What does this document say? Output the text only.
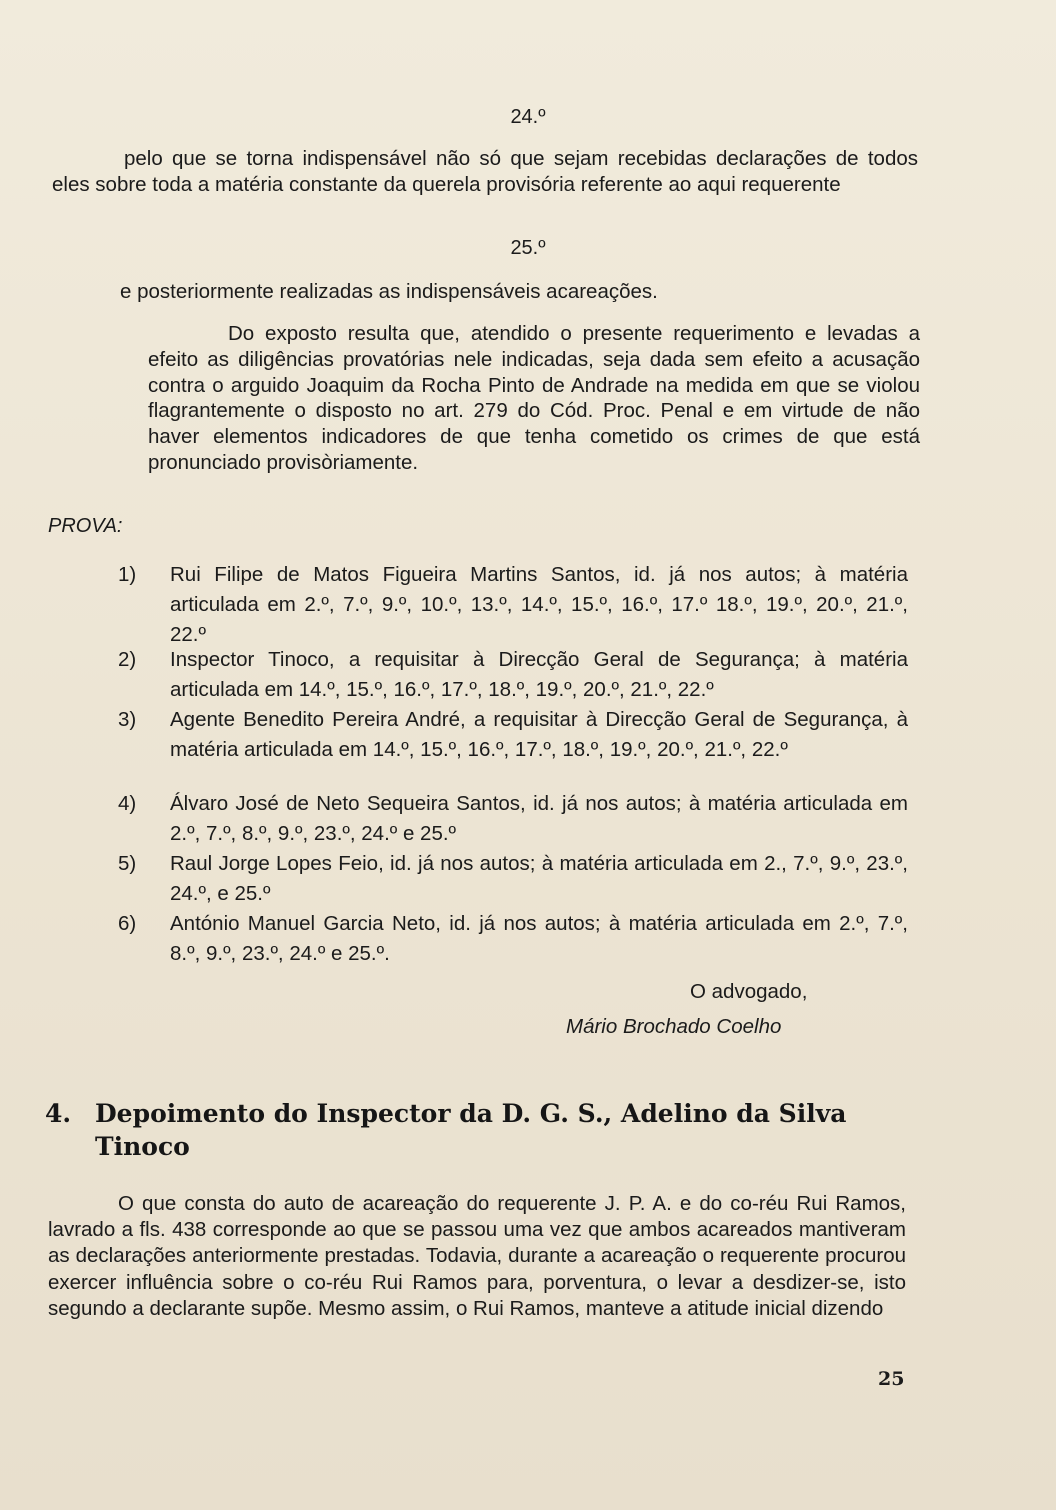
24.º

pelo que se torna indispensável não só que sejam recebidas declarações de todos eles sobre toda a matéria constante da querela provisória referente ao aqui requerente

25.º

e posteriormente realizadas as indispensáveis acareações.

Do exposto resulta que, atendido o presente requerimento e levadas a efeito as diligências provatórias nele indicadas, seja dada sem efeito a acusação contra o arguido Joaquim da Rocha Pinto de Andrade na medida em que se violou flagrantemente o disposto no art. 279 do Cód. Proc. Penal e em virtude de não haver elementos indicadores de que tenha cometido os crimes de que está pronunciado provisòriamente.

PROVA:
1)	Rui Filipe de Matos Figueira Martins Santos, id. já nos autos; à matéria articulada em 2.º, 7.º, 9.º, 10.º, 13.º, 14.º, 15.º, 16.º, 17.º 18.º, 19.º, 20.º, 21.º, 22.º
2)	Inspector Tinoco, a requisitar à Direcção Geral de Segurança; à matéria articulada em 14.º, 15.º, 16.º, 17.º, 18.º, 19.º, 20.º, 21.º, 22.º
3)	Agente Benedito Pereira André, a requisitar à Direcção Geral de Segurança, à matéria articulada em 14.º, 15.º, 16.º, 17.º, 18.º, 19.º, 20.º, 21.º, 22.º
4)	Álvaro José de Neto Sequeira Santos, id. já nos autos; à matéria articulada em 2.º, 7.º, 8.º, 9.º, 23.º, 24.º e 25.º
5)	Raul Jorge Lopes Feio, id. já nos autos; à matéria articulada em 2., 7.º, 9.º, 23.º, 24.º, e 25.º
6)	António Manuel Garcia Neto, id. já nos autos; à matéria articulada em 2.º, 7.º, 8.º, 9.º, 23.º, 24.º e 25.º.
O advogado,
Mário Brochado Coelho
4. Depoimento do Inspector da D. G. S., Adelino da Silva Tinoco

O que consta do auto de acareação do requerente J. P. A. e do co-réu Rui Ramos, lavrado a fls. 438 corresponde ao que se passou uma vez que ambos acareados mantiveram as declarações anteriormente prestadas. Todavia, durante a acareação o requerente procurou exercer influência sobre o co-réu Rui Ramos para, porventura, o levar a desdizer-se, isto segundo a declarante supõe. Mesmo assim, o Rui Ramos, manteve a atitude inicial dizendo

25
